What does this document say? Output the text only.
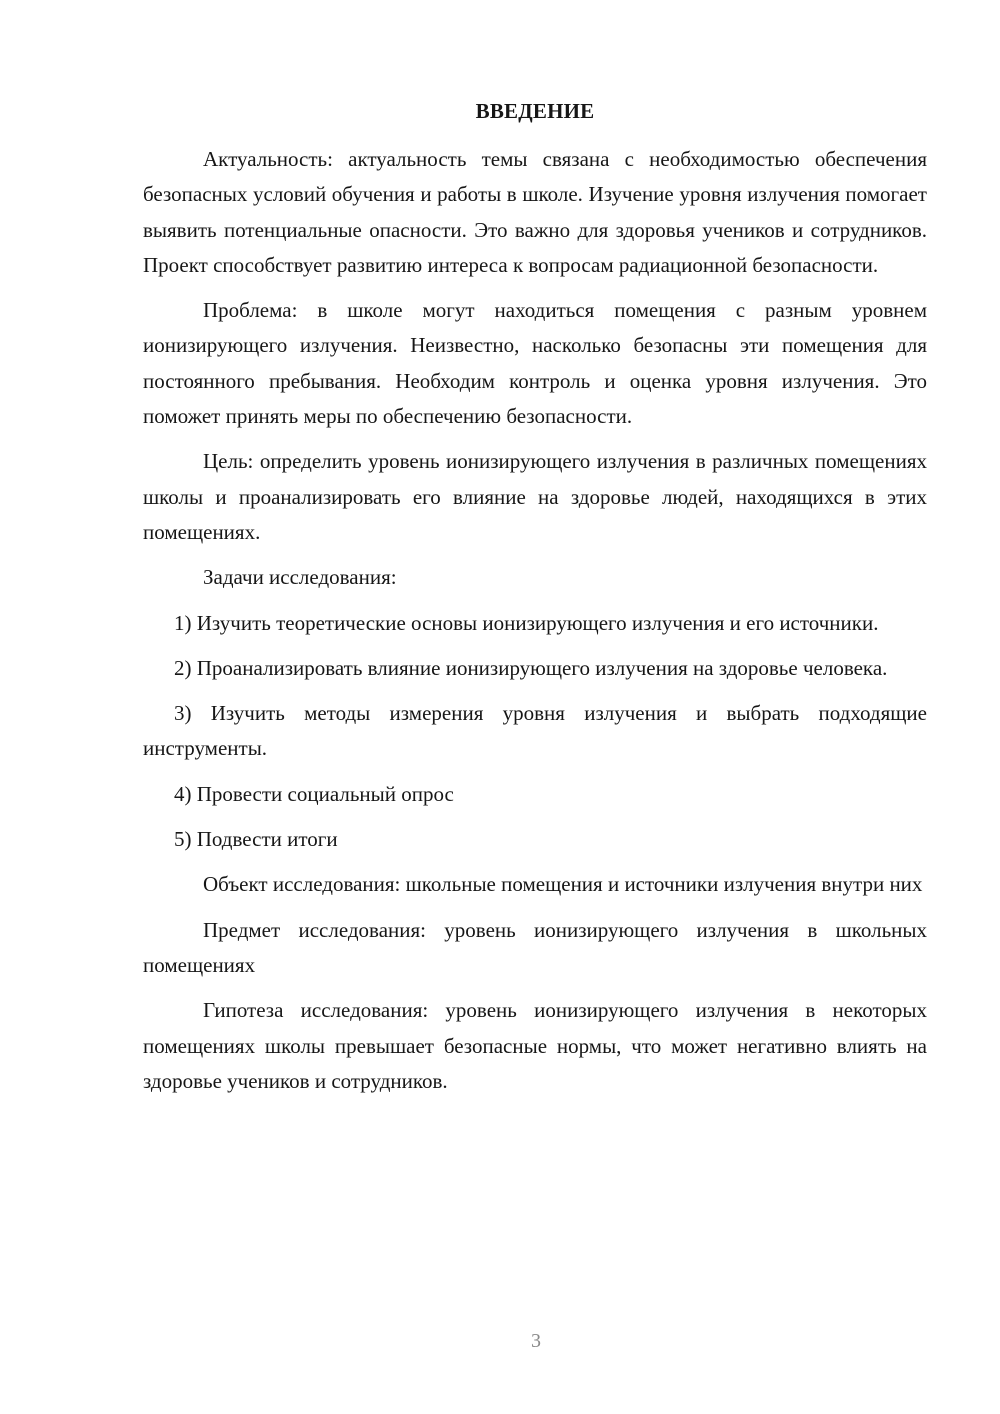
ВВЕДЕНИЕ

Актуальность: актуальность темы связана с необходимостью обеспечения безопасных условий обучения и работы в школе. Изучение уровня излучения помогает выявить потенциальные опасности. Это важно для здоровья учеников и сотрудников. Проект способствует развитию интереса к вопросам радиационной безопасности.

Проблема: в школе могут находиться помещения с разным уровнем ионизирующего излучения. Неизвестно, насколько безопасны эти помещения для постоянного пребывания. Необходим контроль и оценка уровня излучения. Это поможет принять меры по обеспечению безопасности.

Цель: определить уровень ионизирующего излучения в различных помещениях школы и проанализировать его влияние на здоровье людей, находящихся в этих помещениях.

Задачи исследования:

1) Изучить теоретические основы ионизирующего излучения и его источники.

2) Проанализировать влияние ионизирующего излучения на здоровье человека.

3) Изучить методы измерения уровня излучения и выбрать подходящие инструменты.

4) Провести социальный опрос

5) Подвести итоги

Объект исследования: школьные помещения и источники излучения внутри них

Предмет исследования: уровень ионизирующего излучения в школьных помещениях

Гипотеза исследования: уровень ионизирующего излучения в некоторых помещениях школы превышает безопасные нормы, что может негативно влиять на здоровье учеников и сотрудников.

3
